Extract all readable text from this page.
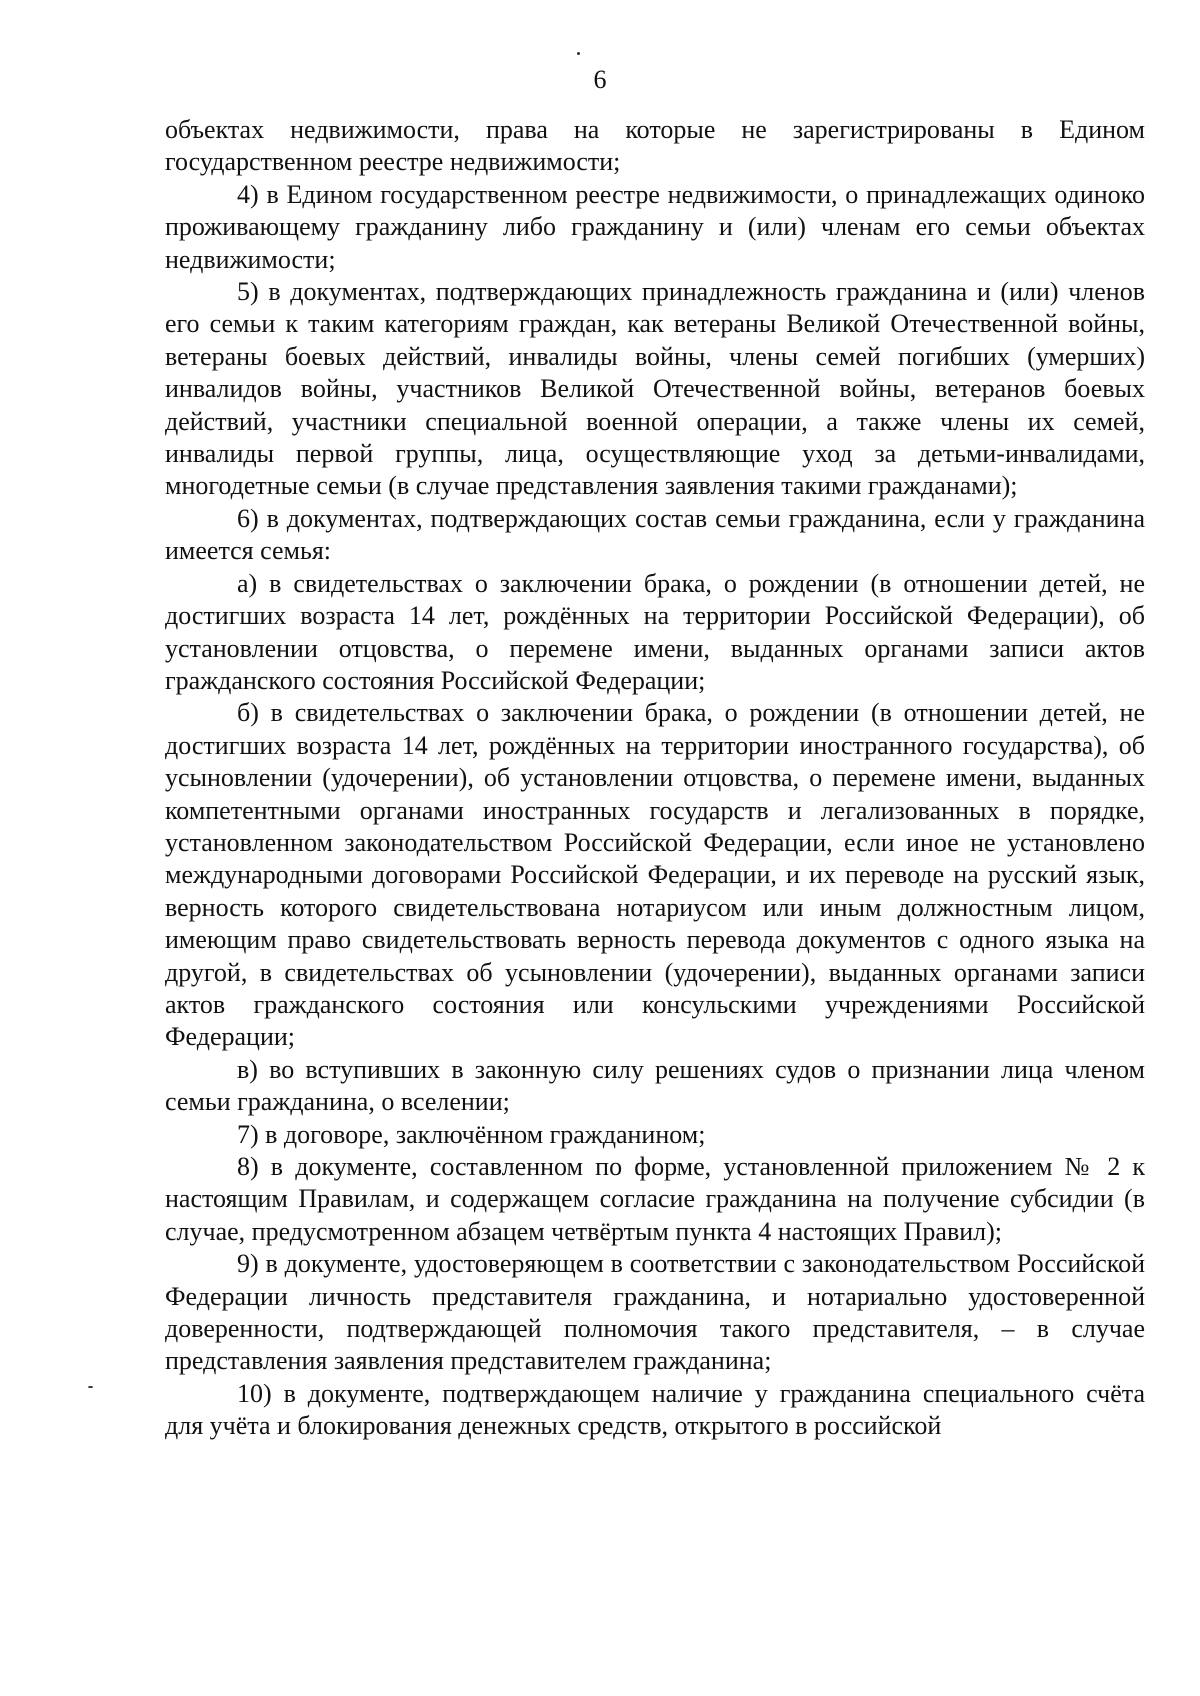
6

объектах недвижимости, права на которые не зарегистрированы в Едином государственном реестре недвижимости;

4) в Едином государственном реестре недвижимости, о принадлежащих одиноко проживающему гражданину либо гражданину и (или) членам его семьи объектах недвижимости;

5) в документах, подтверждающих принадлежность гражданина и (или) членов его семьи к таким категориям граждан, как ветераны Великой Отечественной войны, ветераны боевых действий, инвалиды войны, члены семей погибших (умерших) инвалидов войны, участников Великой Отечественной войны, ветеранов боевых действий, участники специальной военной операции, а также члены их семей, инвалиды первой группы, лица, осуществляющие уход за детьми-инвалидами, многодетные семьи (в случае представления заявления такими гражданами);

6) в документах, подтверждающих состав семьи гражданина, если у гражданина имеется семья:

а) в свидетельствах о заключении брака, о рождении (в отношении детей, не достигших возраста 14 лет, рождённых на территории Российской Федерации), об установлении отцовства, о перемене имени, выданных органами записи актов гражданского состояния Российской Федерации;

б) в свидетельствах о заключении брака, о рождении (в отношении детей, не достигших возраста 14 лет, рождённых на территории иностранного государства), об усыновлении (удочерении), об установлении отцовства, о перемене имени, выданных компетентными органами иностранных государств и легализованных в порядке, установленном законодательством Российской Федерации, если иное не установлено международными договорами Российской Федерации, и их переводе на русский язык, верность которого свидетельствована нотариусом или иным должностным лицом, имеющим право свидетельствовать верность перевода документов с одного языка на другой, в свидетельствах об усыновлении (удочерении), выданных органами записи актов гражданского состояния или консульскими учреждениями Российской Федерации;

в) во вступивших в законную силу решениях судов о признании лица членом семьи гражданина, о вселении;

7) в договоре, заключённом гражданином;

8) в документе, составленном по форме, установленной приложением № 2 к настоящим Правилам, и содержащем согласие гражданина на получение субсидии (в случае, предусмотренном абзацем четвёртым пункта 4 настоящих Правил);

9) в документе, удостоверяющем в соответствии с законодательством Российской Федерации личность представителя гражданина, и нотариально удостоверенной доверенности, подтверждающей полномочия такого представителя, – в случае представления заявления представителем гражданина;

10) в документе, подтверждающем наличие у гражданина специального счёта для учёта и блокирования денежных средств, открытого в российской
